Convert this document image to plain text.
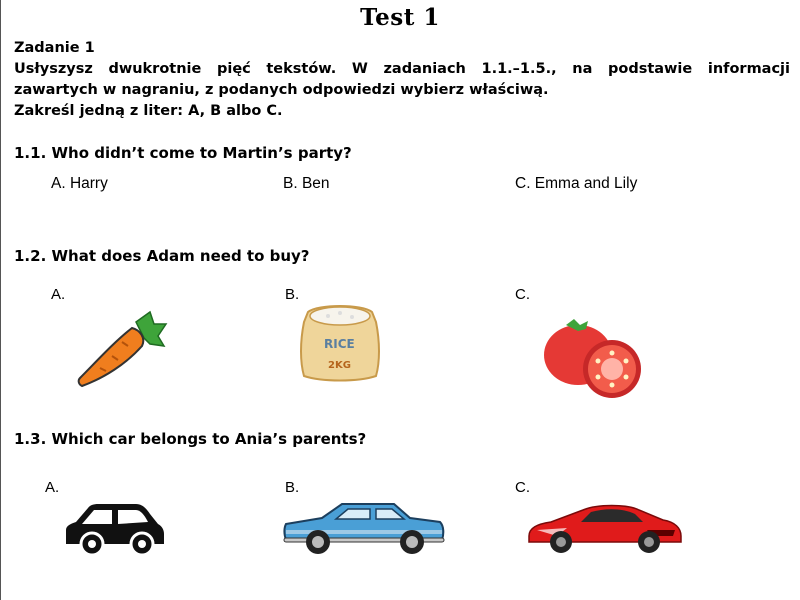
Test 1
Zadanie 1
Usłyszysz dwukrotnie pięć tekstów. W zadaniach 1.1.–1.5., na podstawie informacji
zawartych w nagraniu, z podanych odpowiedzi wybierz właściwą.
Zakreśl jedną z liter: A, B albo C.
1.1. Who didn’t come to Martin’s party?
A. Harry	B. Ben	C. Emma and Lily
1.2. What does Adam need to buy?
A.	B.	C.
RICE
2KG
1.3. Which car belongs to Ania’s parents?
A.	B.	C.
